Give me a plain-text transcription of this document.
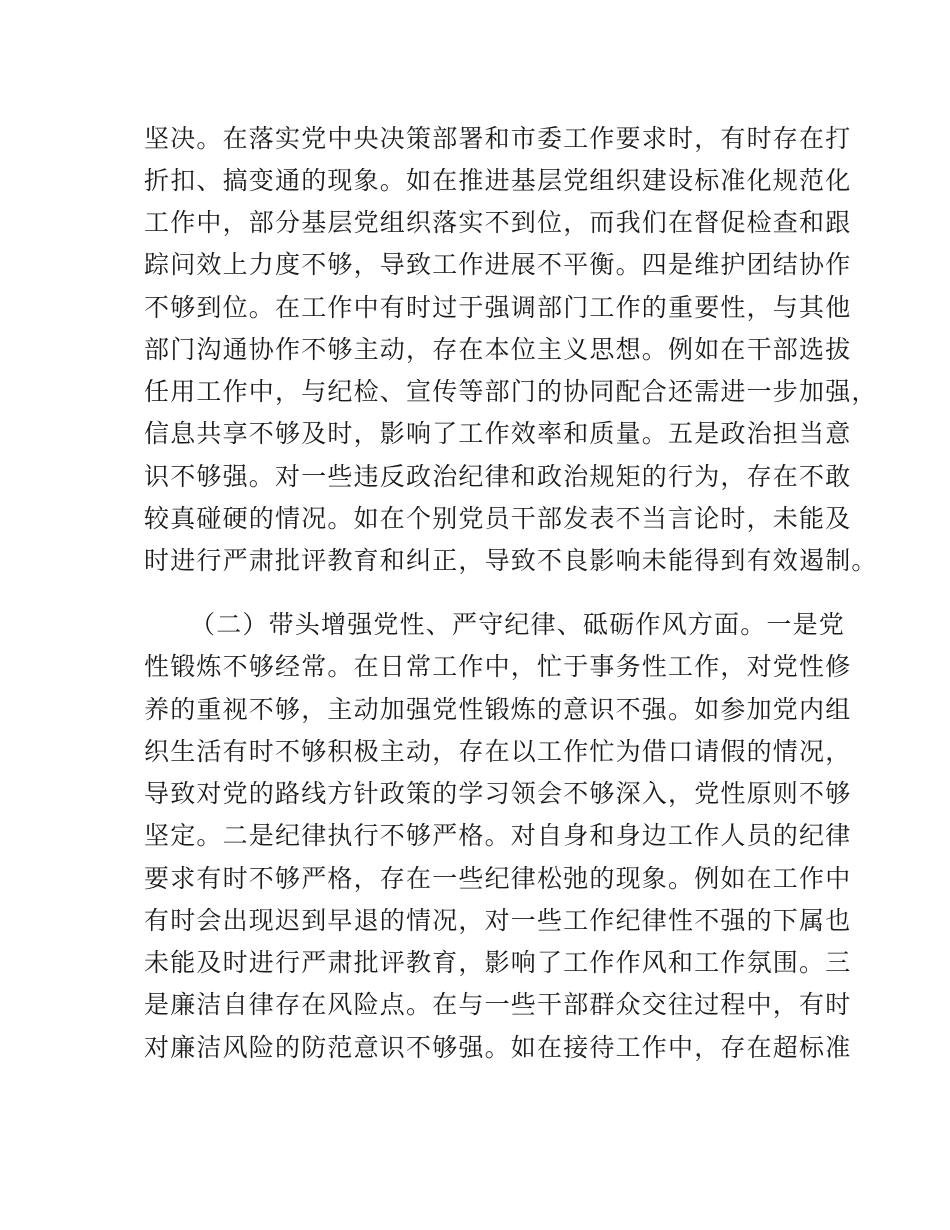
坚决。在落实党中央决策部署和市委工作要求时，有时存在打
折扣、搞变通的现象。如在推进基层党组织建设标准化规范化
工作中，部分基层党组织落实不到位，而我们在督促检查和跟
踪问效上力度不够，导致工作进展不平衡。四是维护团结协作
不够到位。在工作中有时过于强调部门工作的重要性，与其他
部门沟通协作不够主动，存在本位主义思想。例如在干部选拔
任用工作中，与纪检、宣传等部门的协同配合还需进一步加强，
信息共享不够及时，影响了工作效率和质量。五是政治担当意
识不够强。对一些违反政治纪律和政治规矩的行为，存在不敢
较真碰硬的情况。如在个别党员干部发表不当言论时，未能及
时进行严肃批评教育和纠正，导致不良影响未能得到有效遏制。
（二）带头增强党性、严守纪律、砥砺作风方面。一是党
性锻炼不够经常。在日常工作中，忙于事务性工作，对党性修
养的重视不够，主动加强党性锻炼的意识不强。如参加党内组
织生活有时不够积极主动，存在以工作忙为借口请假的情况，
导致对党的路线方针政策的学习领会不够深入，党性原则不够
坚定。二是纪律执行不够严格。对自身和身边工作人员的纪律
要求有时不够严格，存在一些纪律松弛的现象。例如在工作中
有时会出现迟到早退的情况，对一些工作纪律性不强的下属也
未能及时进行严肃批评教育，影响了工作作风和工作氛围。三
是廉洁自律存在风险点。在与一些干部群众交往过程中，有时
对廉洁风险的防范意识不够强。如在接待工作中，存在超标准
